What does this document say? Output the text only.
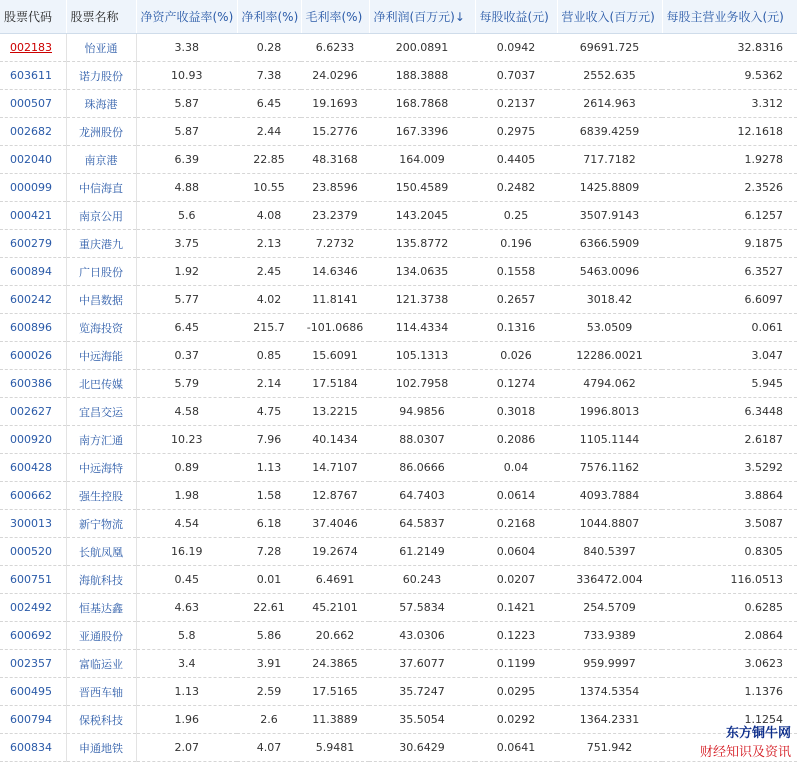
股票代码	股票名称	净资产收益率(%)	净利率(%)	毛利率(%)	净利润(百万元)↓	每股收益(元)	营业收入(百万元)	每股主营业务收入(元)
002183	怡亚通	3.38	0.28	6.6233	200.0891	0.0942	69691.725	32.8316
603611	诺力股份	10.93	7.38	24.0296	188.3888	0.7037	2552.635	9.5362
000507	珠海港	5.87	6.45	19.1693	168.7868	0.2137	2614.963	3.312
002682	龙洲股份	5.87	2.44	15.2776	167.3396	0.2975	6839.4259	12.1618
002040	南京港	6.39	22.85	48.3168	164.009	0.4405	717.7182	1.9278
000099	中信海直	4.88	10.55	23.8596	150.4589	0.2482	1425.8809	2.3526
000421	南京公用	5.6	4.08	23.2379	143.2045	0.25	3507.9143	6.1257
600279	重庆港九	3.75	2.13	7.2732	135.8772	0.196	6366.5909	9.1875
600894	广日股份	1.92	2.45	14.6346	134.0635	0.1558	5463.0096	6.3527
600242	中昌数据	5.77	4.02	11.8141	121.3738	0.2657	3018.42	6.6097
600896	览海投资	6.45	215.7	-101.0686	114.4334	0.1316	53.0509	0.061
600026	中远海能	0.37	0.85	15.6091	105.1313	0.026	12286.0021	3.047
600386	北巴传媒	5.79	2.14	17.5184	102.7958	0.1274	4794.062	5.945
002627	宜昌交运	4.58	4.75	13.2215	94.9856	0.3018	1996.8013	6.3448
000920	南方汇通	10.23	7.96	40.1434	88.0307	0.2086	1105.1144	2.6187
600428	中远海特	0.89	1.13	14.7107	86.0666	0.04	7576.1162	3.5292
600662	强生控股	1.98	1.58	12.8767	64.7403	0.0614	4093.7884	3.8864
300013	新宁物流	4.54	6.18	37.4046	64.5837	0.2168	1044.8807	3.5087
000520	长航凤凰	16.19	7.28	19.2674	61.2149	0.0604	840.5397	0.8305
600751	海航科技	0.45	0.01	6.4691	60.243	0.0207	336472.004	116.0513
002492	恒基达鑫	4.63	22.61	45.2101	57.5834	0.1421	254.5709	0.6285
600692	亚通股份	5.8	5.86	20.662	43.0306	0.1223	733.9389	2.0864
002357	富临运业	3.4	3.91	24.3865	37.6077	0.1199	959.9997	3.0623
600495	晋西车轴	1.13	2.59	17.5165	35.7247	0.0295	1374.5354	1.1376
600794	保税科技	1.96	2.6	11.3889	35.5054	0.0292	1364.2331	1.1254
600834	申通地铁	2.07	4.07	5.9481	30.6429	0.0641	751.942	
东方铜牛网
财经知识及资讯
